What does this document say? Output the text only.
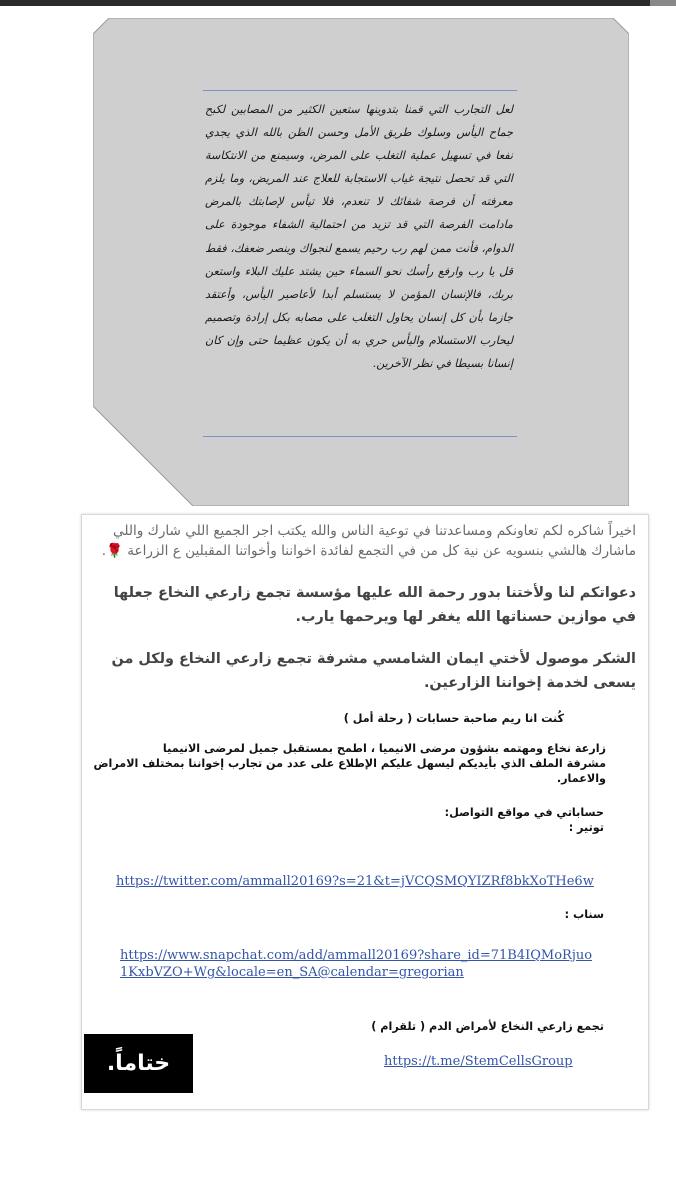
لعل التجارب التي قمنا بتدوينها ستعين الكثير من المصابين لكبح جماح اليأس وسلوك طريق الأمل وحسن الظن بالله الذي يجدي نفعا في تسهيل عملية التغلب على المرض، وسيمنع من الانتكاسة التي قد تحصل نتيجة غياب الاستجابة للعلاج عند المريض، وما يلزم معرفته أن فرصة شفائك لا تنعدم، فلا تيأس لإصابتك بالمرض مادامت الفرصة التي قد تزيد من احتمالية الشفاء موجودة على الدوام، فأنت ممن لهم رب رحيم يسمع لنجواك وينصر ضعفك، فقط قل يا رب وارفع رأسك نحو السماء حين يشتد عليك البلاء واستعن بربك، فالإنسان المؤمن لا يستسلم أبدا لأعاصير اليأس، وأعتقد جازما بأن كل إنسان يحاول التغلب على مصابه بكل إرادة وتصميم ليحارب الاستسلام واليأس حري به أن يكون عظيما حتى وإن كان إنسانا بسيطا في نظر الآخرين.
اخيراً شاكره لكم تعاونكم ومساعدتنا في توعية الناس والله يكتب اجر الجميع اللي شارك واللي ماشارك هالشي بنسويه عن نية كل من في التجمع لفائدة اخواننا وأخواتنا المقبلين ع الزراعة 🌹.
دعواتكم لنا ولأختنا بدور رحمة الله عليها مؤسسة تجمع زارعي النخاع جعلها في موازين حسناتها الله يغفر لها ويرحمها يارب.
الشكر موصول لأختي ايمان الشامسي مشرفة تجمع زارعي النخاع ولكل من يسعى لخدمة إخواننا الزارعين.
كُنت انا ريم صاحبة حسابات ( رحلة أمل )
زارعة نخاع ومهتمه بشؤون مرضى الانيميا ، اطمح بمستقبل جميل لمرضى الانيميا
مشرفة الملف الذي بأيديكم ليسهل عليكم الإطلاع على عدد من تجارب إخواننا بمختلف الامراض والاعمار.
حساباتي في مواقع التواصل:
توتير :
https://twitter.com/ammall20169?s=21&t=jVCQSMQYIZRf8bkXoTHe6w
سناب :
https://www.snapchat.com/add/ammall20169?share_id=71B4IQMoRjuo1KxbVZO+Wg&locale=en_SA@calendar=gregorian
تجمع زارعي النخاع لأمراض الدم ( تلقرام )
https://t.me/StemCellsGroup
ختاماً.
